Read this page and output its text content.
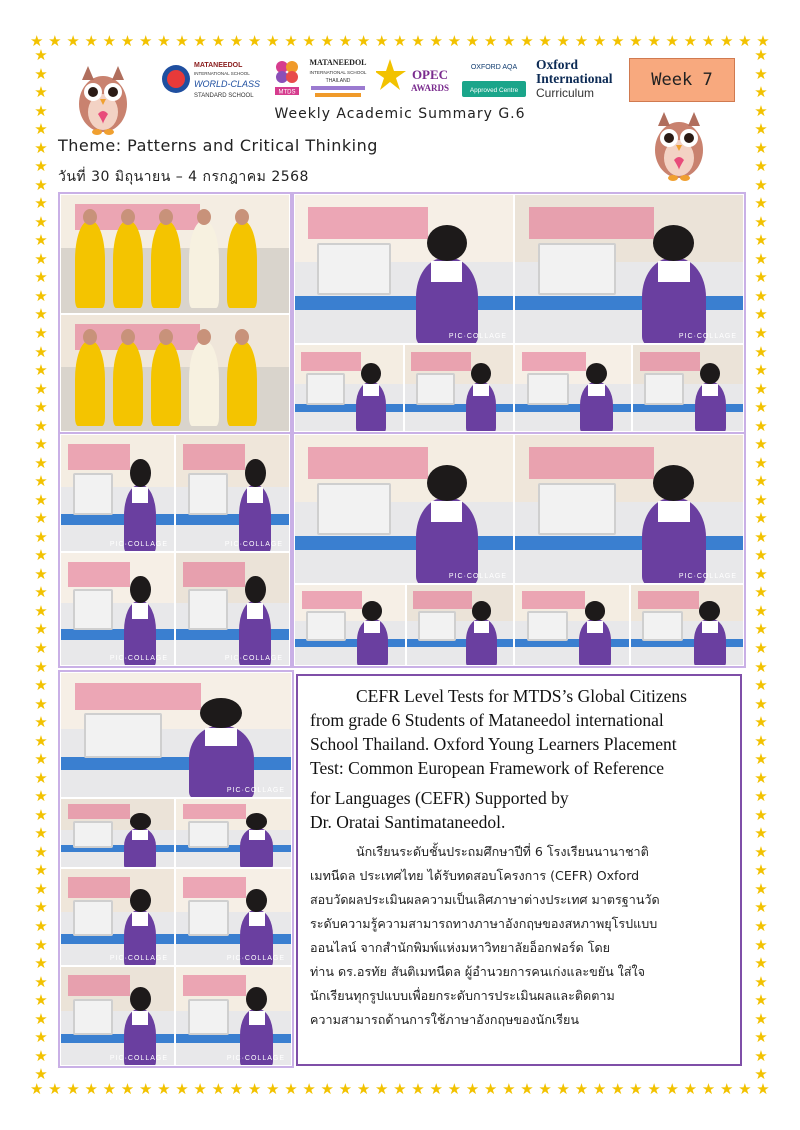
★ ★ ★ ★ ★ ★ ★ ★ ★ ★ ★ ★ ★ ★ ★ ★ ★ ★ ★ ★ ★ ★ ★ ★ ★ ★ ★ ★ ★ ★ ★ ★ ★ ★ ★ ★ ★ ★ ★ ★ ★
★ ★ ★ ★ ★ ★ ★ ★ ★ ★ ★ ★ ★ ★ ★ ★ ★ ★ ★ ★ ★ ★ ★ ★ ★ ★ ★ ★ ★ ★ ★ ★ ★ ★ ★ ★ ★ ★ ★ ★ ★
★
★
★
★
★
★
★
★
★
★
★
★
★
★
★
★
★
★
★
★
★
★
★
★
★
★
★
★
★
★
★
★
★
★
★
★
★
★
★
★
★
★
★
★
★
★
★
★
★
★
★
★
★
★
★
★
★
★
★
★
★
★
★
★
★
★
★
★
★
★
★
★
★
★
★
★
★
★
★
★
★
★
★
★
★
★
★
★
★
★
★
★
★
★
★
★
★
★
★
★
★
★
★
★
★
★
★
★
★
★
★
★
MATANEEDOL
INTERNATIONAL SCHOOL
WORLD-CLASS
STANDARD SCHOOL
MTDS
MATANEEDOL
INTERNATIONAL SCHOOL
THAILAND	OPEC
AWARDS
OXFORD AQA
Approved Centre
Oxford
International
Curriculum
Week 7
Weekly Academic Summary G.6
Theme: Patterns and Critical Thinking
วันที่ 30 มิถุนายน – 4 กรกฎาคม 2568
PIC·COLLAGE	PIC·COLLAGE
PIC·COLLAGE	PIC·COLLAGE
PIC·COLLAGE	PIC·COLLAGE
PIC·COLLAGE	PIC·COLLAGE
PIC·COLLAGE
PIC·COLLAGE	PIC·COLLAGE
PIC·COLLAGE	PIC·COLLAGE
CEFR Level Tests for MTDS’s Global Citizens
from grade 6 Students of Mataneedol international
School Thailand. Oxford Young Learners Placement
Test: Common European Framework of Reference
for Languages (CEFR) Supported by
Dr. Oratai Santimataneedol.
นักเรียนระดับชั้นประถมศึกษาปีที่ 6 โรงเรียนนานาชาติ
เมทนีดล ประเทศไทย ได้รับทดสอบโครงการ (CEFR) Oxford
สอบวัดผลประเมินผลความเป็นเลิศภาษาต่างประเทศ มาตรฐานวัด
ระดับความรู้ความสามารถทางภาษาอังกฤษของสหภาพยุโรปแบบ
ออนไลน์ จากสำนักพิมพ์แห่งมหาวิทยาลัยอ็อกฟอร์ด โดย
ท่าน ดร.อรทัย สันติเมทนีดล ผู้อำนวยการคนเก่งและขยัน ใส่ใจ
นักเรียนทุกรูปแบบเพื่อยกระดับการประเมินผลและติดตาม
ความสามารถด้านการใช้ภาษาอังกฤษของนักเรียน
